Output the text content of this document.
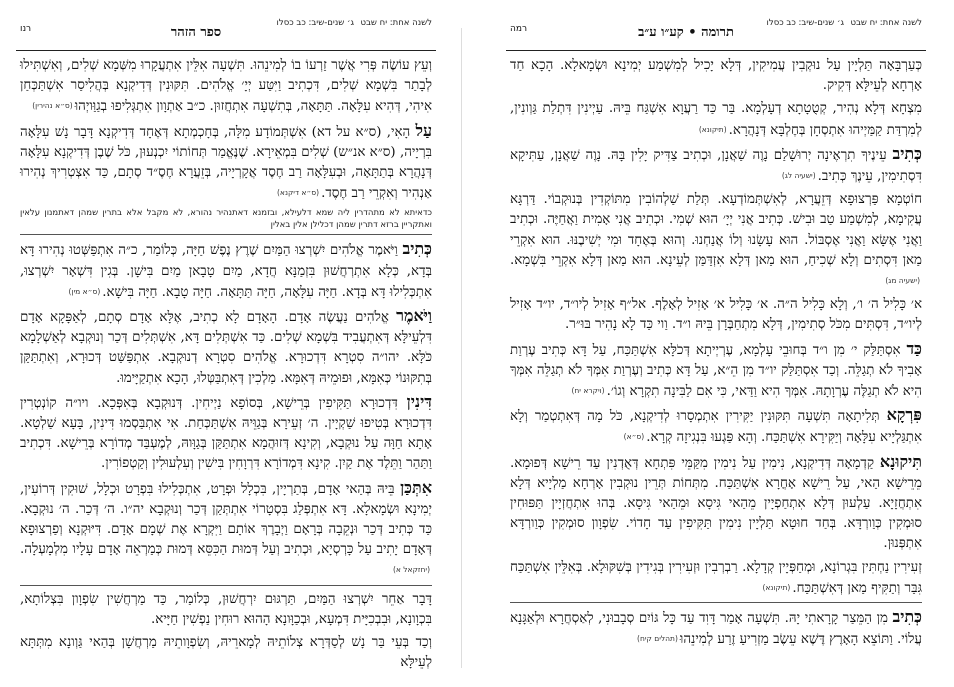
לשנה אחת: יח שבט
ג׳ שנים-שיב: כב כסלו
ספר הזהר
רנו
וְעֵץ עוֹשֶׂה פְּרִי אֲשֶׁר זַרְעוֹ בוֹ לְמִינֵהוּ. תִּשְׁעָה אִלֵּין אִתְעֲקָרוּ מִשְּׁמָא שְׁלִים, וְאִשְׁתִּילוּ לְבָתַר בִּשְׁמָא שְׁלִים, דִּכְתִיב וַיִּטַּע יְיָ׳ אֱלֹהִים. תִּקּוּנִין דְּדִיקְנָא בְּהֲלִיסַר אִשְׁתַּכְּחַן אִיהִי, דְּהִיא עִלָּאָה. תַּתָּאָה, בְּתִשְׁעָה אִתְחֲזוּן. כ״ב אַתְוָון אִתְגְּלִיפוּ בְגַוַּויְהוּ(ס״א נהירין)
עַל הָאִי, (ס״א על דא) אִשְׁתְּמוֹדָע מִלָּה, בְּחָכְמְתָא דְּאֶחָד דְּדִיקְנָא דָּבָר נָשׁ עִלָּאָה בִּרְיָיה, (ס״א אנ״ש) שְׁלִים בִּמְאֵירָא. שֶׁנֶּאֱמַר תְּחוֹתוֹי יִכְנְעוּן, כֹּל שֶׁבֶן דְּדִיקְנָא עִלָּאָה דְּנָהֲרָא בְּתַתָּאָה, וּבְעִלָּאָה רַב חֶסֶד אֲקָרְיָיה, בְּזֵעֲרָא חֶסֶ״ד סְתָם, כַּד אִצְטְרִיךְ נְהִירוּ אַנְהִיר וְאִקְרֵי רַב חֶסֶד.(ס״א דיקנא)
כדאיתא לא מתהדרין ליה שמא דלעילא, ובזמנא דאתנהיר נהורא, לא מקבל אלא בתרין שמהן דאתמנון עלאין ואתקריין ברזא דתרין שמהן דכלילן אלין באלין
כְּתִיב וַיֹּאמֶר אֱלֹהִים יִשְׁרְצוּ הַמַּיִם שֶׁרֶץ נֶפֶשׁ חַיָּה, כְּלוֹמַר, כ״ה אִתְפַּשְּׁטוּ נְהִירוּ דָּא בְּדָא, כְּלָא אִתְרְחֲשׁוּן בִּזְמַנָּא חֲדָא, מַיִם טָבָאן מַיִם בִּישָׁן. בְּגִין דִּשְׁאָר יִשְׁרְצוּ, אִתְכְּלִילוּ דָּא בְּדָא. חַיָּה עִלָּאָה, חַיָּה תַּתָּאָה. חַיָּה טָבָא. חַיָּה בִּישָׁא.(ס״א מין)
וַיֹּאמֶר אֱלֹהִים נַעֲשֶׂה אָדָם. הָאָדָם לָא כְתִיב, אֶלָּא אָדָם סְתָם, לְאַפָּקָא אָדָם דִּלְעֵילָּא דְּאִתְעֲבִיד בִּשְׁמָא שְׁלִים. כַּד אִשְׁתְּלִים דָּא, אִשְׁתְּלִים דְּכַר וְנוּקְבָא לְאַשְׁלָמָא כֹּלָּא. יהו״ה סִטְרָא דִּדְכוּרָא. אֱלֹהִים סִטְרָא דְנוּקְבָא. אִתְפַּשַּׁט דְּכוּרָא, וְאִתְתַּקַּן בְּתִקּוּנוֹי כְּאִמָּא, וּפוּמֵיהּ דְּאִמָּא. מַלְכִין דְּאִתְבַּטְּלוּ, הָכָא אִתְקַיָּימוּ.
דִּינִין דִּדְכוּרָא תַּקִּיפִין בְּרֵישָׁא, בְּסוֹפָא נַיְיחִין. דְּנוּקְבָא בְּאִפְּכָא. ויו״ה קוֹנְטְרִין דִּדְכוּרָא בְּטִיפוּ שַׁקְיָין. ה׳ זְעֵירָא בְּגַוֵּיהּ אִשְׁתַּכְּחַת. אִי אִתְבַּסְמוּ דִּינִין, בָּעָא שַׁלְטָא. אָתָא חַוָּה עַל נוּקְבָא, וְקִינָא דְּזוּהֲמָא אִתְתַּקַּן בְּגַוָּוהּ, לְמֶעְבַּד מְדוֹרָא בְּרֵישָׁא. דִּכְתִיב וַתַּהַר וַתֵּלֶד אֶת קַיִן. קִינָא דִּמְדוֹרָא דִּרְוָחִין בִּישִׁין וְעִלְעוּלִין וְקַטְפוֹרִין.
אִתְּכַּן בֵּיהּ בְּהַאי אָדָם, בְּתַרְיָין, בִּכְלָל וּפְרָט, אִתְכְּלִילוּ בִּפְרָט וּכְלָל, שׁוּקִין דְּרוֹעִין, יְמִינָא וּשְׂמָאלָא. דָּא אִתְפְּלַג בִּסְטָרוֹי אִתְתְּקַן דְּכַר וְנוּקְבָא יה״ו. ה׳ דְּכַר. ה׳ נוּקְבָא. כַּד כְּתִיב דְּכַר וּנְקֵבָה בְּרָאָם וַיְבָרֶךְ אוֹתָם וַיִּקְרָא אֶת שְׁמָם אָדָם. דִּיּוּקְנָא וְפַרְצוּפָא דְּאָדָם יָתִיב עַל כָּרְסְיָא, וּכְתִיב וְעַל דְּמוּת הַכִּסֵּא דְּמוּת כְּמַרְאֵה אָדָם עָלָיו מִלְמָעְלָה.(יחזקאל א)
דָּבָר אַחֵר יִשְׁרְצוּ הַמַּיִם, תַּרְגּוּם יִרְחֲשׁוּן, כְּלוֹמַר, כַּד מַרְחֲשִׁין שִׂפְוָון בִּצְלוֹתָא, בִּכְוָונָא, וּבִבְכִיָּית דִּמְעָא, וּבְכַוָּונָא הָהוּא רוּחִין נַפְשִׁין חַיָּיא.
וְכַד בְּעֵי בַּר נָשׁ לְסַדְּרָא צְלוֹתֵיהּ לְמָארֵיהּ, וְשִׂפְוָותֵיהּ מַרְחֲשָׁן בְּהַאי גַּוְונָא מִתְּתָּא לְעֵילָּא
לשנה אחת: יח שבט
ג׳ שנים-שיב: כב כסלו
תרומה • קע״ו ע״ב
רמה
כְּעַרְבָּאָה תַּלְיָין עַל נוּקְבִין עֲמִיקִין, דְּלָא יָכִיל לְמִשְׁמַע יְמִינָא וּשְׂמָאלָא. הָכָא חַד אָרְחָא לְעֵילָּא דְּקִיק.
מִצְחָא דְּלָא נְהִיר, קְטֻטָתָא דְעָלְמָא. בַּר כַּד רַעֲוָא אִשְׁגַּח בֵּיהּ. עַיְינִין דִּתְלַת גַּוְונִין, לְמִרְדַּת קַמַּיְיהוּ אִתְסְחָן בְּחֶלְבָּא דְּנָהֲרָא.(תיקונא)
כְּתִיב עֵינֶיךָ תִרְאֶינָה יְרוּשָׁלַם נָוֶה שַׁאֲנָן, וּכְתִיב צַדִּיק יָלִין בָּהּ. נָוֶה שַׁאֲנָן, עַתִּיקָא דִּסְתִימִין, עֵינֶךְ כְּתִיב.(ישעיה לג)
חוֹטְמָא פַּרְצוּפָא דְּזֵעֲרָא, לְאִשְׁתְּמוֹדְעָא. תְּלַת שַׁלְהוֹבִין מִתּוֹקְדִין בְּנוּקְבוֹי. דַּרְגָּא עֲקִימָא, לְמִשְׁמַע טַב וּבִישׁ. כְּתִיב אֲנִי יְיָ׳ הוּא שְׁמִי. וּכְתִיב אֲנִי אָמִית וַאֲחַיֶּה. וּכְתִיב וַאֲנִי אֶשָּׂא וַאֲנִי אֶסְבּוֹל. הוּא עָשָׂנוּ וְלוֹ אֲנַחְנוּ. וְהוּא בְּאֶחָד וּמִי יְשִׁיבֶנּוּ. הוּא אִקְרֵי מַאן דִּסְתִים וְלָא שְׁכִיחַ, הוּא מַאן דְּלָא אִזְדַּמַּן לְעֵינָא. הוּא מַאן דְּלָא אִקְרֵי בִּשְׁמָא.(ישעיה מג)
א׳ כָּלִיל ה׳ ו׳, וְלָא כָּלִיל ה״ה. א׳ כָּלִיל א׳ אָזִיל לְאָלֶף. אל״ף אָזִיל לְיו״ד, יו״ד אָזִיל לְיו״ד, דִּסְתִּים מִכֹּל סְתִימִין, דְּלָא מִתְחַבְּרָן בֵּיהּ ו״ד. וַוי כַּד לָא נָהִיר בּוּ״ר.
כַּד אִסְתַּלַּק י׳ מִן ו״ד בְּחוּבֵי עָלְמָא, עֶרְיְיתָא דְּכֹלָּא אִשְׁתַּכַּח, עַל דָּא כְּתִיב עֶרְוַת אָבִיךָ לֹא תְגַלֵּה. וְכַד אִסְתַּלַּק יו״ד מִן הֵ״א, עַל דָּא כְּתִיב וְעֶרְוַת אִמְּךָ לֹא תְגַלֵּה אִמְּךָ הִיא לֹא תְגַלֶּה עֶרְוָתָהּ. אִמְּךָ הִיא וַדַּאי, כִּי אִם לַבִּינָה תִקְרָא וְגוֹ׳.(ויקרא יח)
פִּרְקָא תְּלִיתָאָה תִּשְׁעָה תִּקּוּנִין יַקִּירִין אִתְמְסָרוּ לְדִיקְנָא, כֹּל מָה דְּאִתְטְמַר וְלָא אִתְגַּלְיָיא עִלָּאָה וְיַקִּירָא אִשְׁתַּכַּח. וְהָא פַּגְעוּ בִּנְגִיזָה קְרָא.(ס״א)
תִּיקוּנָא קַדְמָאָה דְּדִיקְנָא, נִימִין עַל נִימִין מִקַּמֵּי פִּתְחָא דְּאֻדְנִין עַד רֵישָׁא דְּפוּמָא. מֵרֵישָׁא הַאי, עַל רֵישָׁא אָחֳרָא אִשְׁתַּכַּח. מִתְּחוֹת תְּרֵין נוּקְבִין אָרְחָא מַלְיָיא דְּלָא אִתְחֲזָיָא. עַלְעוּן דְּלָא אִתְחַפְיָין מֵהַאי גִּיסָא וּמֵהַאי גִּיסָא. בְּהוּ אִתְחֲזְיָין תַּפּוּחִין סוּמְקִין כְּוַורְדָּא. בְּחַד חוּטָא תַּלְיָין נִימִין תַּקִּיפִין עַד חָדוֹי. שִׂפְוָון סוּמְקִין כְּוַורְדָּא אִתְפְּנוּן.
זְעִירִין נַחְתִּין בִּגְרוֹנָא, וּמְחַפְּיָין קְדָלָא. רַבְרְבִין וּזְעִירִין בְּגִידִין בְּשִׁקּוּלָא. בְּאִלֵּין אִשְׁתַּכַּח גִּבַּר וְתַקִּיף מַאן דְּאִשְׁתַּכַּח.(תיקונא)
כְּתִיב מִן הַמֵּצַר קָרָאתִי יָהּ. תִּשְׁעָה אָמַר דָּוִד עַד כָּל גּוֹיִם סְבָבוּנִי, לְאַסְחֲרָא וּלְאַגָּנָא עֲלוֹי. וַתּוֹצֵא הָאָרֶץ דֶּשֶׁא עֵשֶׂב מַזְרִיעַ זֶרַע לְמִינֵהוּ(תהלים קיח)
